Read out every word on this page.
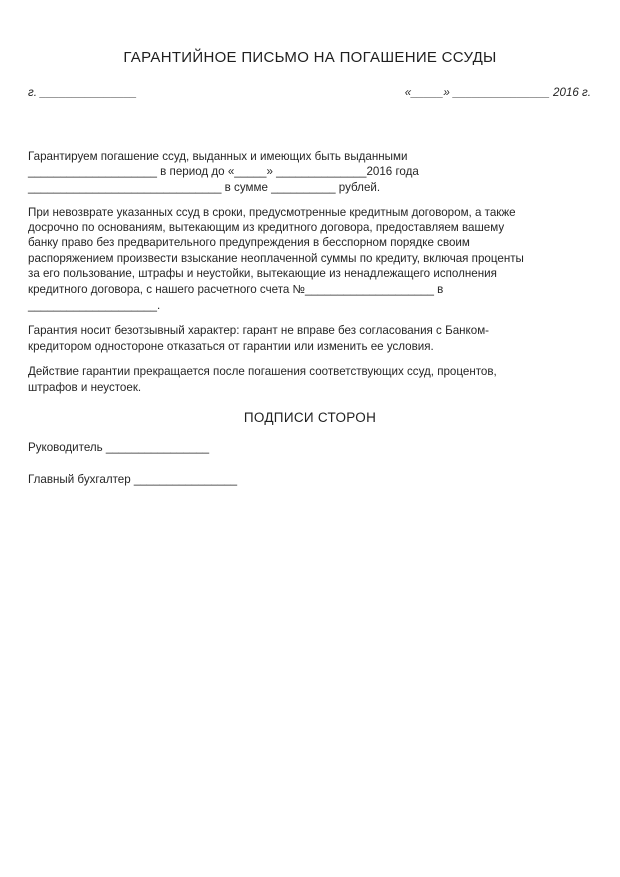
ГАРАНТИЙНОЕ ПИСЬМО НА ПОГАШЕНИЕ ССУДЫ
г. _______________	«_____» _______________ 2016 г.
Гарантируем погашение ссуд, выданных и имеющих быть выданными
____________________ в период до «_____» ______________2016 года
______________________________ в сумме __________ рублей.
При невозврате указанных ссуд в сроки, предусмотренные кредитным договором, а также
досрочно по основаниям, вытекающим из кредитного договора, предоставляем вашему
банку право без предварительного предупреждения в бесспорном порядке своим
распоряжением произвести взыскание неоплаченной суммы по кредиту, включая проценты
за его пользование, штрафы и неустойки, вытекающие из ненадлежащего исполнения
кредитного договора, с нашего расчетного счета №____________________ в
____________________.
Гарантия носит безотзывный характер: гарант не вправе без согласования с Банком-
кредитором одностороне отказаться от гарантии или изменить ее условия.
Действие гарантии прекращается после погашения соответствующих ссуд, процентов,
штрафов и неустоек.
ПОДПИСИ СТОРОН
Руководитель ________________
Главный бухгалтер ________________
